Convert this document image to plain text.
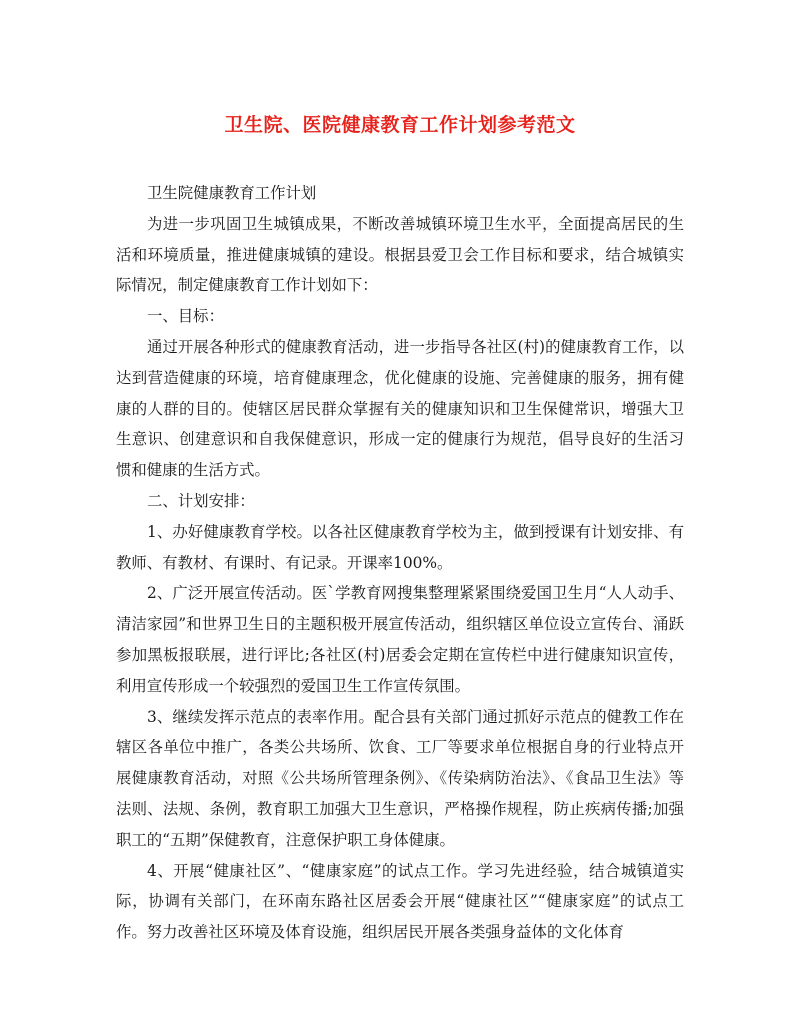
卫生院、医院健康教育工作计划参考范文

卫生院健康教育工作计划

为进一步巩固卫生城镇成果，不断改善城镇环境卫生水平，全面提高居民的生活和环境质量，推进健康城镇的建设。根据县爱卫会工作目标和要求，结合城镇实际情况，制定健康教育工作计划如下：

一、目标：

通过开展各种形式的健康教育活动，进一步指导各社区(村)的健康教育工作，以达到营造健康的环境，培育健康理念，优化健康的设施、完善健康的服务，拥有健康的人群的目的。使辖区居民群众掌握有关的健康知识和卫生保健常识，增强大卫生意识、创建意识和自我保健意识，形成一定的健康行为规范，倡导良好的生活习惯和健康的生活方式。

二、计划安排：

1、办好健康教育学校。以各社区健康教育学校为主，做到授课有计划安排、有教师、有教材、有课时、有记录。开课率100%。

2、广泛开展宣传活动。医`学教育网搜集整理紧紧围绕爱国卫生月“人人动手、清洁家园”和世界卫生日的主题积极开展宣传活动，组织辖区单位设立宣传台、涌跃参加黑板报联展，进行评比;各社区(村)居委会定期在宣传栏中进行健康知识宣传，利用宣传形成一个较强烈的爱国卫生工作宣传氛围。

3、继续发挥示范点的表率作用。配合县有关部门通过抓好示范点的健教工作在辖区各单位中推广，各类公共场所、饮食、工厂等要求单位根据自身的行业特点开展健康教育活动，对照《公共场所管理条例》、《传染病防治法》、《食品卫生法》等法则、法规、条例，教育职工加强大卫生意识，严格操作规程，防止疾病传播;加强职工的“五期”保健教育，注意保护职工身体健康。

4、开展“健康社区”、“健康家庭”的试点工作。学习先进经验，结合城镇道实际，协调有关部门，在环南东路社区居委会开展“健康社区”“健康家庭”的试点工作。努力改善社区环境及体育设施，组织居民开展各类强身益体的文化体育
